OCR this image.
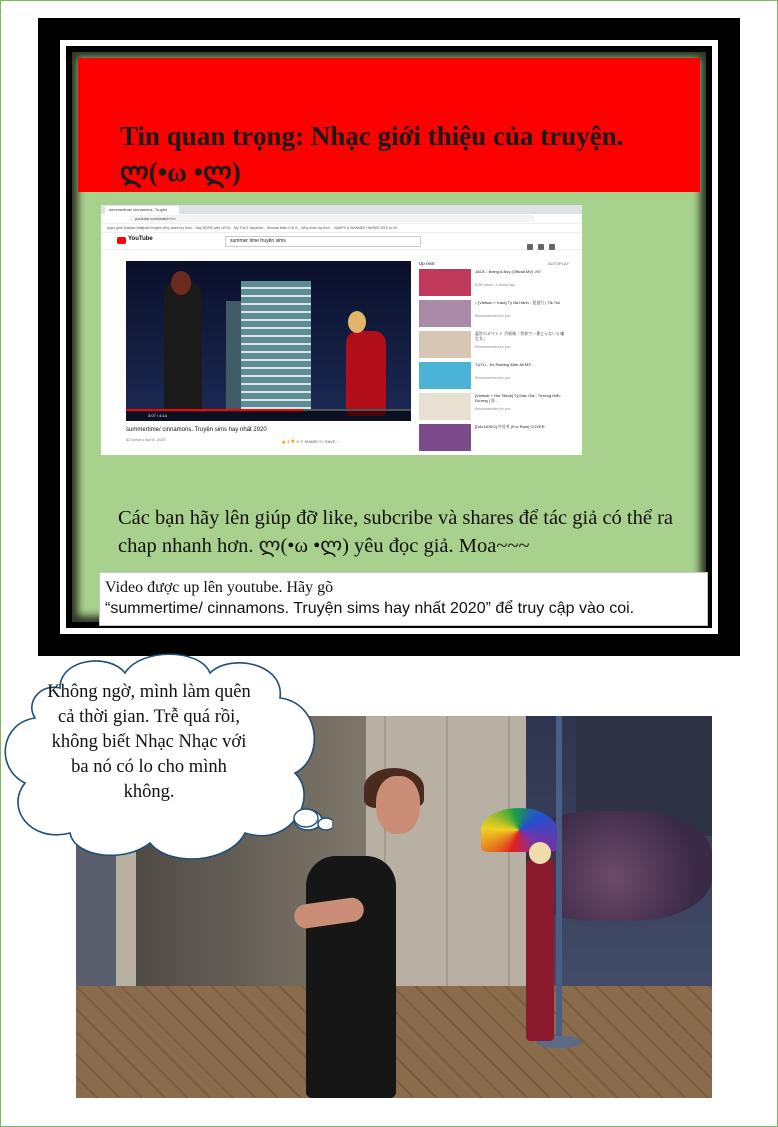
Tin quan trọng: Nhạc giới thiệu của truyện. ლ(•ω •ლ)
summertime/ cinnamons. Truyện
youtube.com/watch?v=
Apps gmk Watpad Wattpad Images Why does my floor... Say MORE with LESS... My Trai 3 Vayanha... Senada Main Full S... Why does my floor... VAMPS & WANNES HARMS 2015 for M...
YouTube	summer time truyện sims
3:07 / 4:14
summertime/ cinnamons. Truyện sims hay nhất 2020
62 views • Apr 8, 2020	👍 4 👎 0 ↗ SHARE ≡+ SAVE ···
Up next	AUTOPLAY
JACK - Being A Boy (Official MV) J97
8.5M views • 4 weeks ago
♪ [Vietsub + Kara] Tý Bà Hành - 琵琶行 | Tik Tok
Recommended for you
蓋世のカマトト 月姫様「世界で一番じゃないと嫌な女」
Recommended for you
TUYU - It's Raining After All MV
Recommended for you
[Vietsub + Hot Tiktok] Tỳ Mạc Già - Trương Hiểu Đường | 苏...
Recommended for you
[DALNOKO] 머리귀 (Fox Rain) COVER
Các bạn hãy lên giúp đỡ like, subcribe và shares để tác giả có thể ra chap nhanh hơn. ლ(•ω •ლ) yêu đọc giả. Moa~~~
Video được up lên youtube. Hãy gõ
“summertime/ cinnamons. Truyện sims hay nhất 2020” để truy cập vào coi.
Không ngờ, mình làm quên cả thời gian. Trễ quá rồi, không biết Nhạc Nhạc với ba nó có lo cho mình không.
